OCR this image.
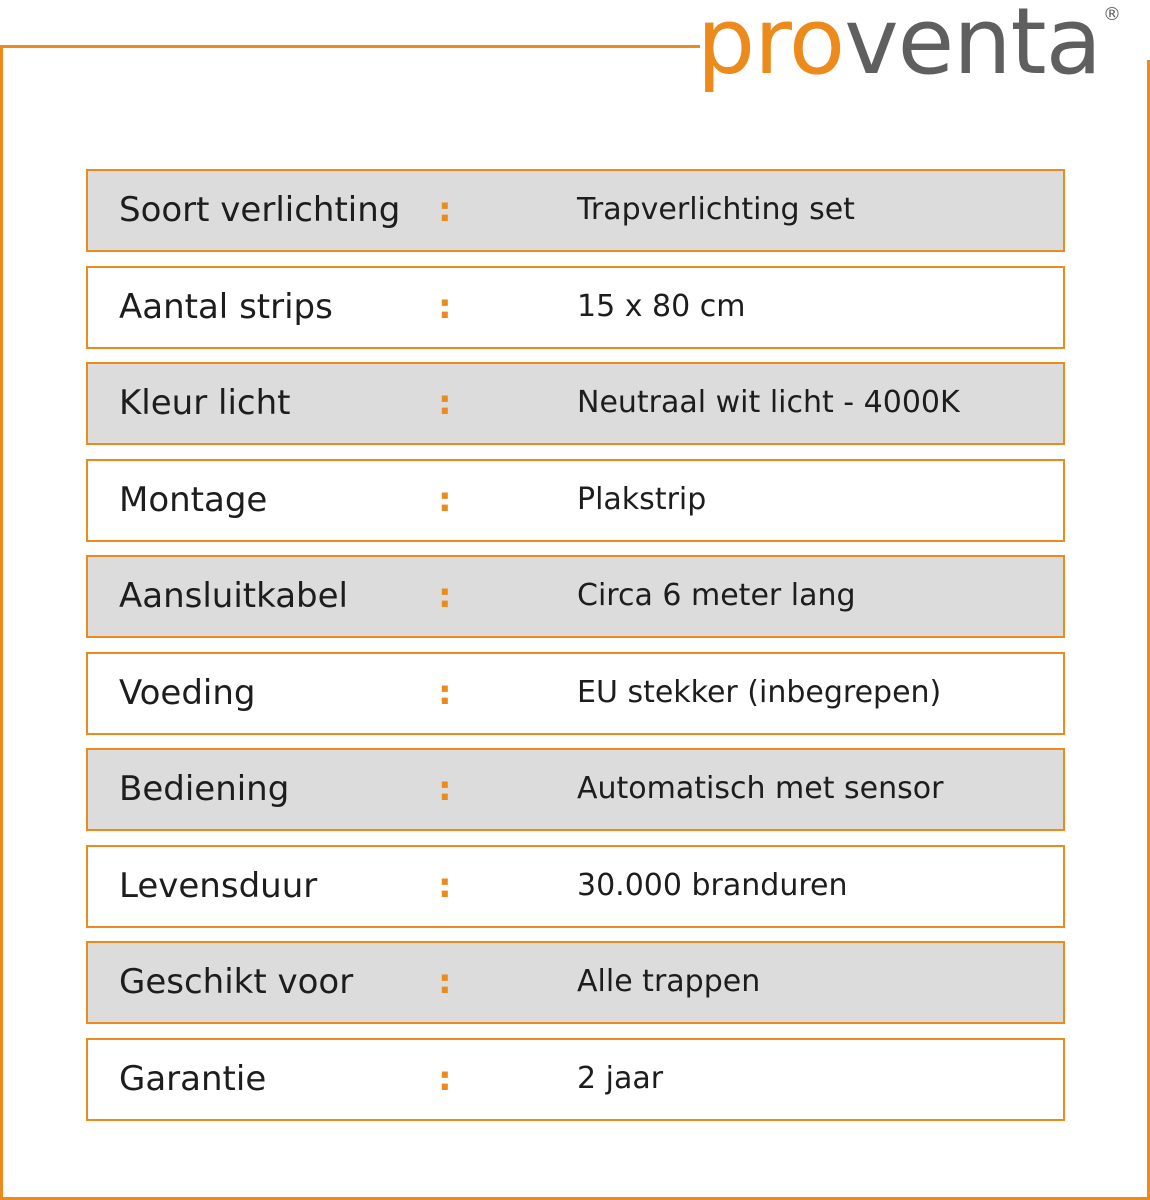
pro venta ®
Soort verlichting :	Trapverlichting set
Aantal strips	:	15 x 80 cm
Kleur licht	:	Neutraal wit licht - 4000K
Montage	:	Plakstrip
Aansluitkabel	:	Circa 6 meter lang
Voeding	:	EU stekker (inbegrepen)
Bediening	:	Automatisch met sensor
Levensduur	:	30.000 branduren
Geschikt voor :	Alle trappen
Garantie	:	2 jaar
